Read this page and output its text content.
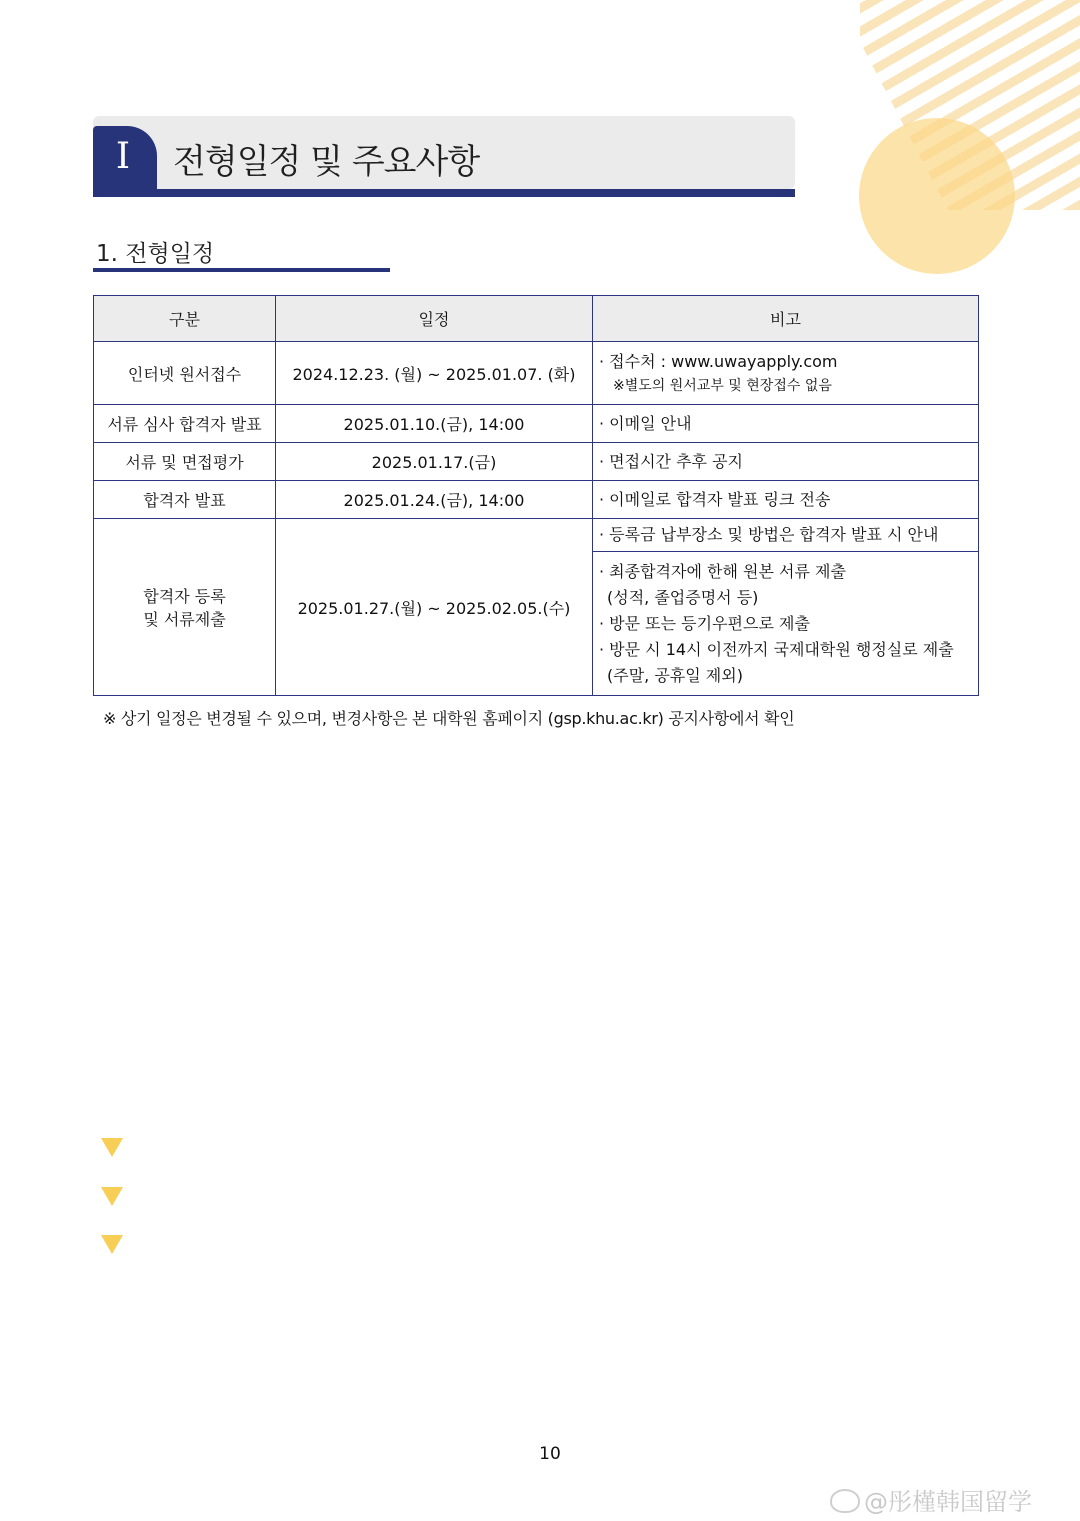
I	전형일정 및 주요사항
1. 전형일정
구분	일정	비고
인터넷 원서접수	2024.12.23. (월) ~ 2025.01.07. (화)	· 접수처 : www.uwayapply.com
※별도의 원서교부 및 현장접수 없음

서류 심사 합격자 발표	2025.01.10.(금), 14:00	· 이메일 안내

서류 및 면접평가	2025.01.17.(금)	· 면접시간 추후 공지

합격자 발표	2025.01.24.(금), 14:00	· 이메일로 합격자 발표 링크 전송

합격자 등록
및 서류제출	2025.01.27.(월) ~ 2025.02.05.(수)	· 등록금 납부장소 및 방법은 합격자 발표 시 안내

		· 최종합격자에 한해 원본 서류 제출
(성적, 졸업증명서 등)
· 방문 또는 등기우편으로 제출
· 방문 시 14시 이전까지 국제대학원 행정실로 제출
(주말, 공휴일 제외)
※ 상기 일정은 변경될 수 있으며, 변경사항은 본 대학원 홈페이지 (gsp.khu.ac.kr) 공지사항에서 확인
10
@彤槿韩国留学
